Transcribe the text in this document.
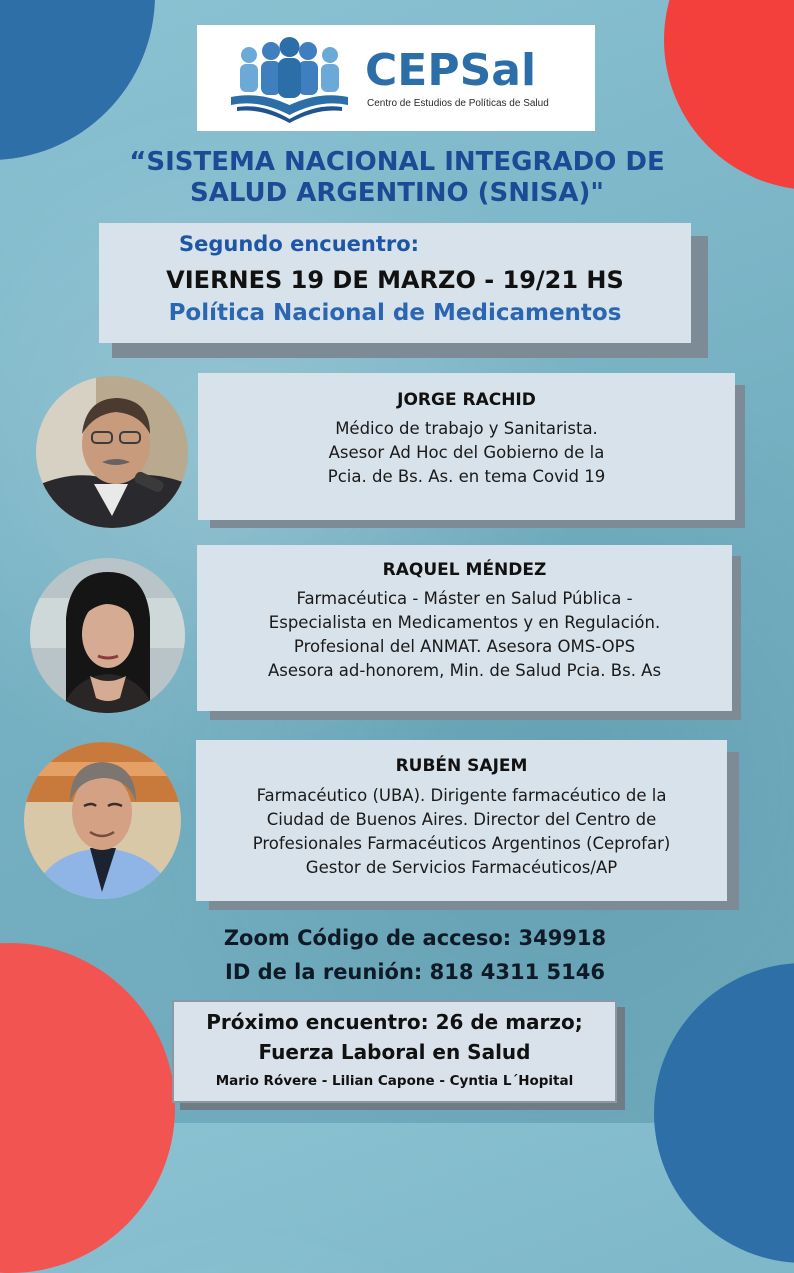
CEPSal
Centro de Estudios de Políticas de Salud
“SISTEMA NACIONAL INTEGRADO DE
SALUD ARGENTINO (SNISA)"
Segundo encuentro:
VIERNES 19 DE MARZO - 19/21 HS
Política Nacional de Medicamentos
JORGE RACHID
Médico de trabajo y Sanitarista.
Asesor Ad Hoc del Gobierno de la
Pcia. de Bs. As. en tema Covid 19
RAQUEL MÉNDEZ
Farmacéutica - Máster en Salud Pública -
Especialista en Medicamentos y en Regulación.
Profesional del ANMAT. Asesora OMS-OPS
Asesora ad-honorem, Min. de Salud Pcia. Bs. As
RUBÉN SAJEM
Farmacéutico (UBA). Dirigente farmacéutico de la
Ciudad de Buenos Aires. Director del Centro de
Profesionales Farmacéuticos Argentinos (Ceprofar)
Gestor de Servicios Farmacéuticos/AP
Zoom Código de acceso: 349918
ID de la reunión: 818 4311 5146
Próximo encuentro: 26 de marzo;
Fuerza Laboral en Salud
Mario Róvere - Lilian Capone - Cyntia L´Hopital
